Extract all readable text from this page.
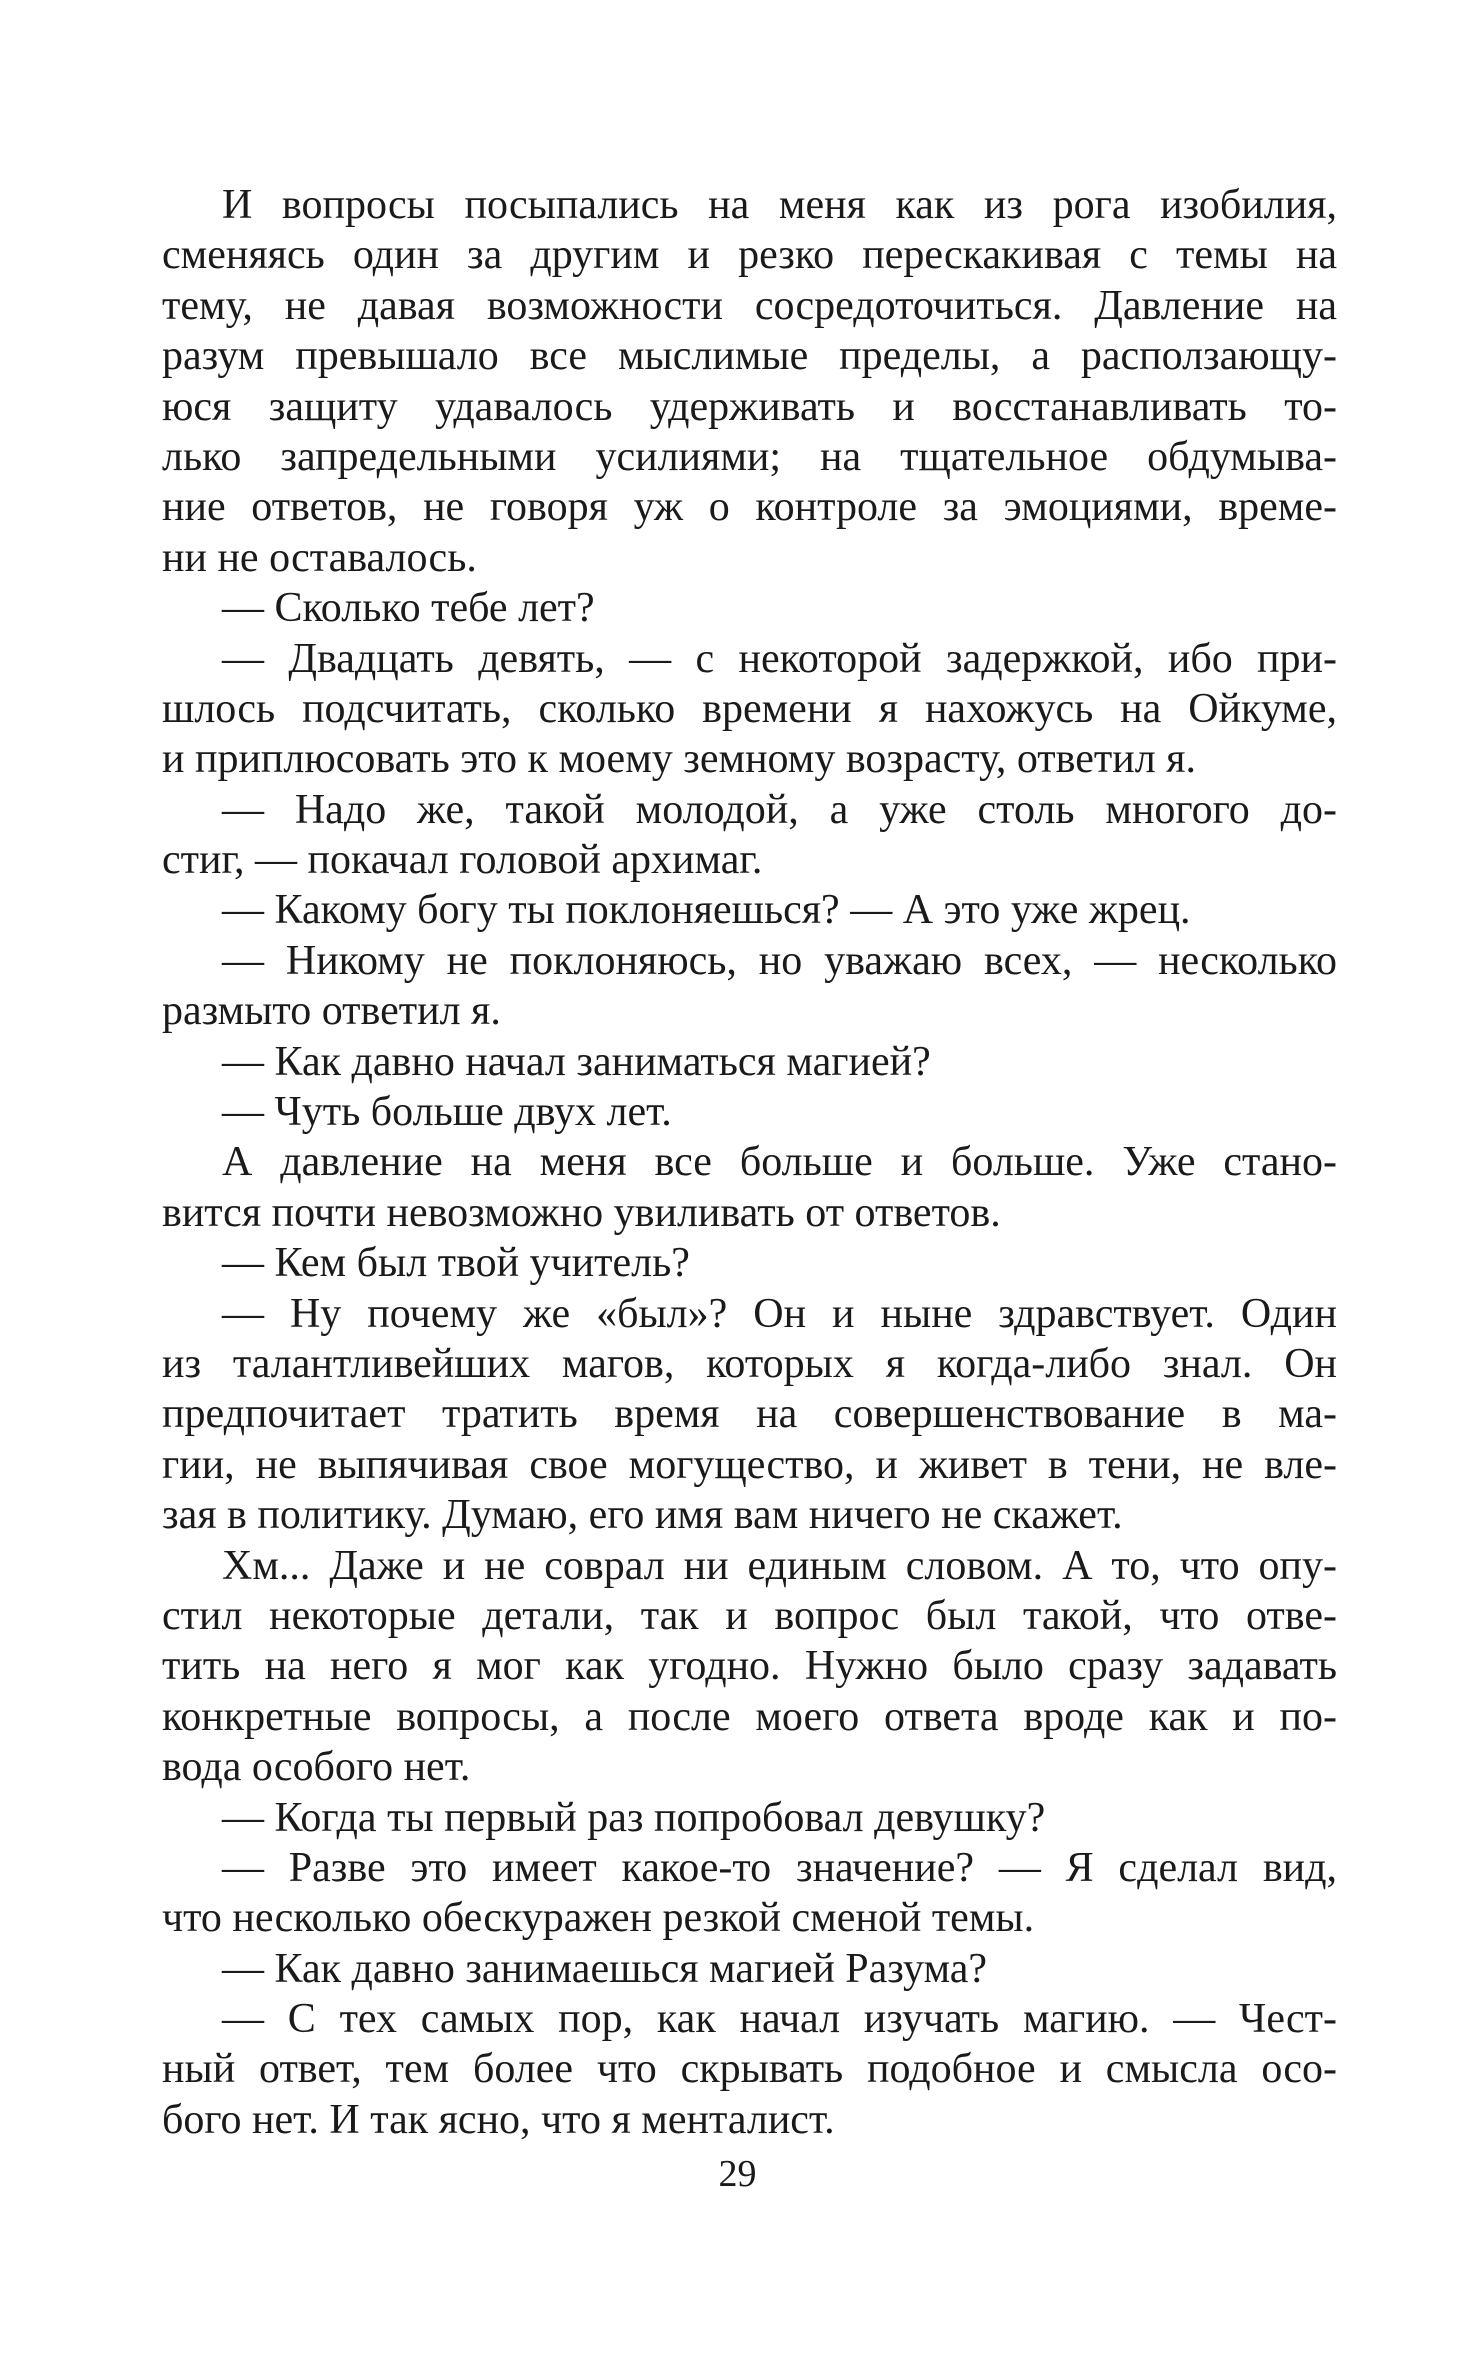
И вопросы посыпались на меня как из рога изобилия,
сменяясь один за другим и резко перескакивая с темы на
тему, не давая возможности сосредоточиться. Давление на
разум превышало все мыслимые пределы, а расползающу-
юся защиту удавалось удерживать и восстанавливать то-
лько запредельными усилиями; на тщательное обдумыва-
ние ответов, не говоря уж о контроле за эмоциями, време-
ни не оставалось.
— Сколько тебе лет?
— Двадцать девять, — с некоторой задержкой, ибо при-
шлось подсчитать, сколько времени я нахожусь на Ойкуме,
и приплюсовать это к моему земному возрасту, ответил я.
— Надо же, такой молодой, а уже столь многого до-
стиг, — покачал головой архимаг.
— Какому богу ты поклоняешься? — А это уже жрец.
— Никому не поклоняюсь, но уважаю всех, — несколько
размыто ответил я.
— Как давно начал заниматься магией?
— Чуть больше двух лет.
А давление на меня все больше и больше. Уже стано-
вится почти невозможно увиливать от ответов.
— Кем был твой учитель?
— Ну почему же «был»? Он и ныне здравствует. Один
из талантливейших магов, которых я когда-либо знал. Он
предпочитает тратить время на совершенствование в ма-
гии, не выпячивая свое могущество, и живет в тени, не вле-
зая в политику. Думаю, его имя вам ничего не скажет.
Хм... Даже и не соврал ни единым словом. А то, что опу-
стил некоторые детали, так и вопрос был такой, что отве-
тить на него я мог как угодно. Нужно было сразу задавать
конкретные вопросы, а после моего ответа вроде как и по-
вода особого нет.
— Когда ты первый раз попробовал девушку?
— Разве это имеет какое-то значение? — Я сделал вид,
что несколько обескуражен резкой сменой темы.
— Как давно занимаешься магией Разума?
— С тех самых пор, как начал изучать магию. — Чест-
ный ответ, тем более что скрывать подобное и смысла осо-
бого нет. И так ясно, что я менталист.
29
